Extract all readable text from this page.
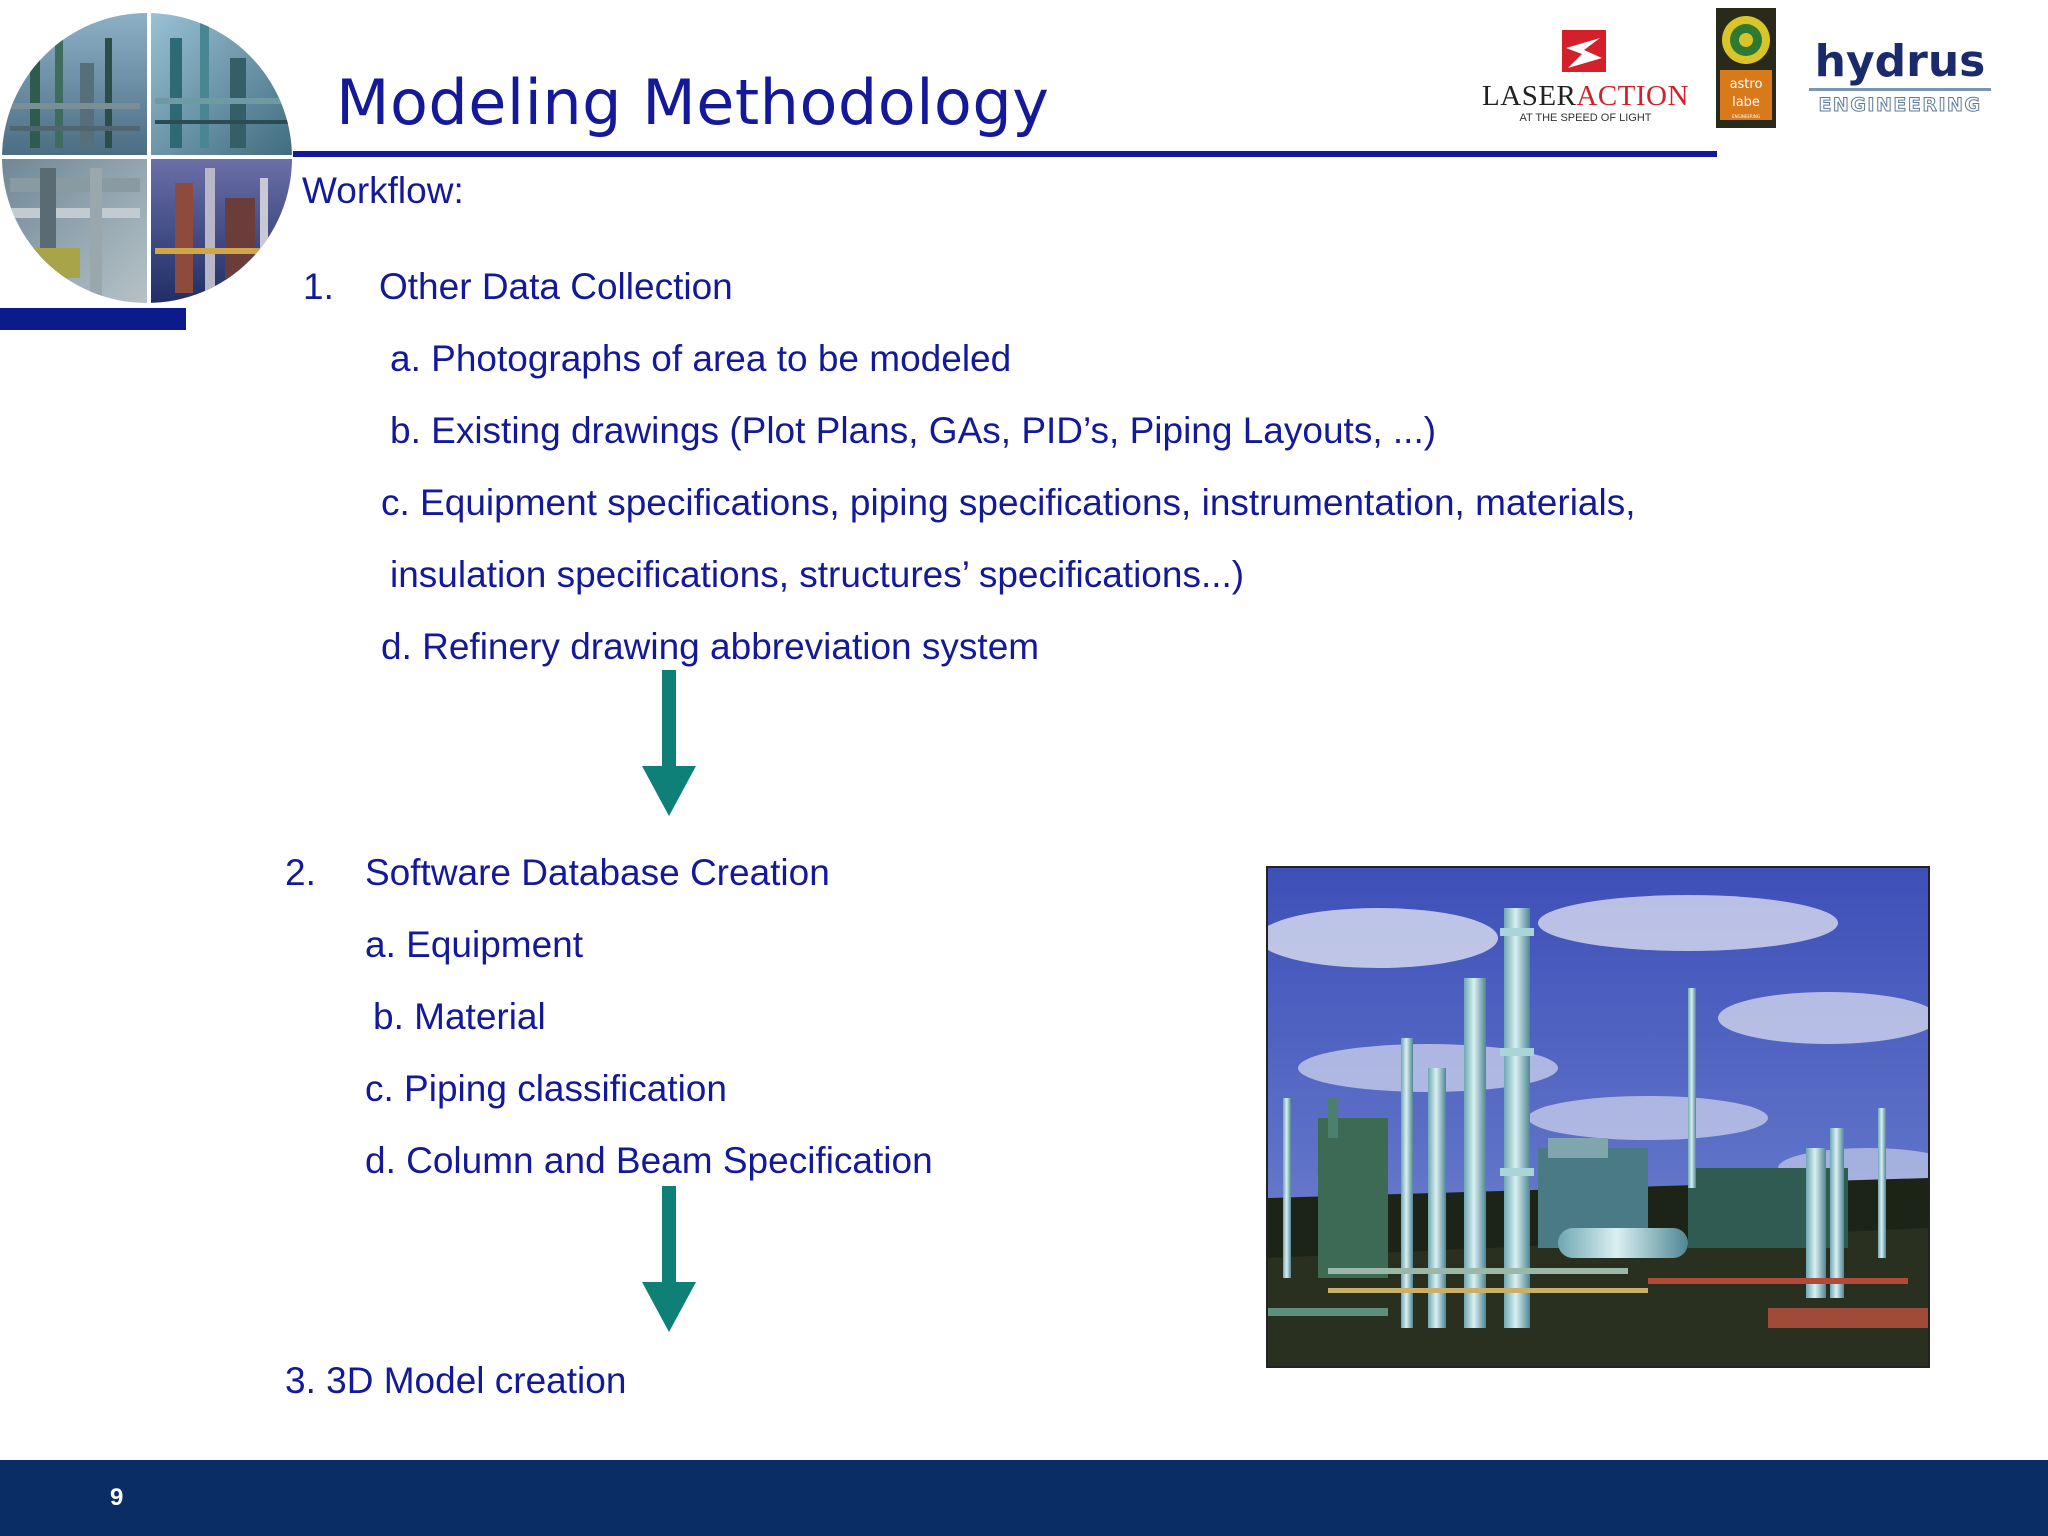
Modeling Methodology	LASERACTION
AT THE SPEED OF LIGHT
astro
labe
ENGINEERING
hydrus
ENGINEERING
Workflow:
1. Other Data Collection
a. Photographs of area to be modeled
b. Existing drawings (Plot Plans, GAs, PID’s, Piping Layouts, ...)
c. Equipment specifications, piping specifications, instrumentation, materials,
insulation specifications, structures’ specifications...)
d. Refinery drawing abbreviation system
2. Software Database Creation
a. Equipment
b. Material
c. Piping classification
d. Column and Beam Specification
3. 3D Model creation
9
